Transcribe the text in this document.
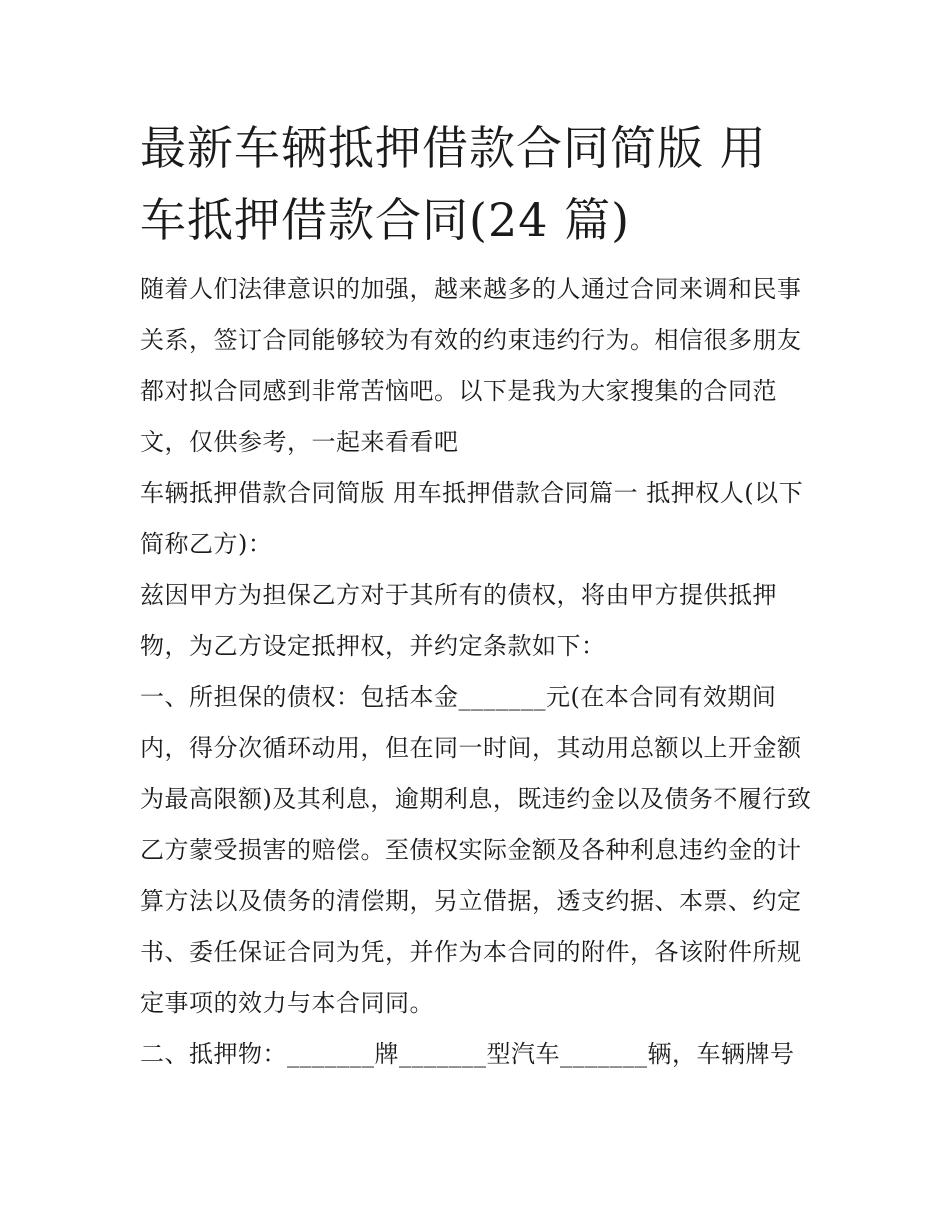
最新车辆抵押借款合同简版 用车抵押借款合同(24 篇)

随着人们法律意识的加强，越来越多的人通过合同来调和民事关系，签订合同能够较为有效的约束违约行为。相信很多朋友都对拟合同感到非常苦恼吧。以下是我为大家搜集的合同范文，仅供参考，一起来看看吧

车辆抵押借款合同简版 用车抵押借款合同篇一 抵押权人(以下简称乙方)：

兹因甲方为担保乙方对于其所有的债权，将由甲方提供抵押物，为乙方设定抵押权，并约定条款如下：

一、所担保的债权：包括本金_______元(在本合同有效期间内，得分次循环动用，但在同一时间，其动用总额以上开金额为最高限额)及其利息，逾期利息，既违约金以及债务不履行致乙方蒙受损害的赔偿。至债权实际金额及各种利息违约金的计算方法以及债务的清偿期，另立借据，透支约据、本票、约定书、委任保证合同为凭，并作为本合同的附件，各该附件所规定事项的效力与本合同同。

二、抵押物：_______牌_______型汽车_______辆，车辆牌号
